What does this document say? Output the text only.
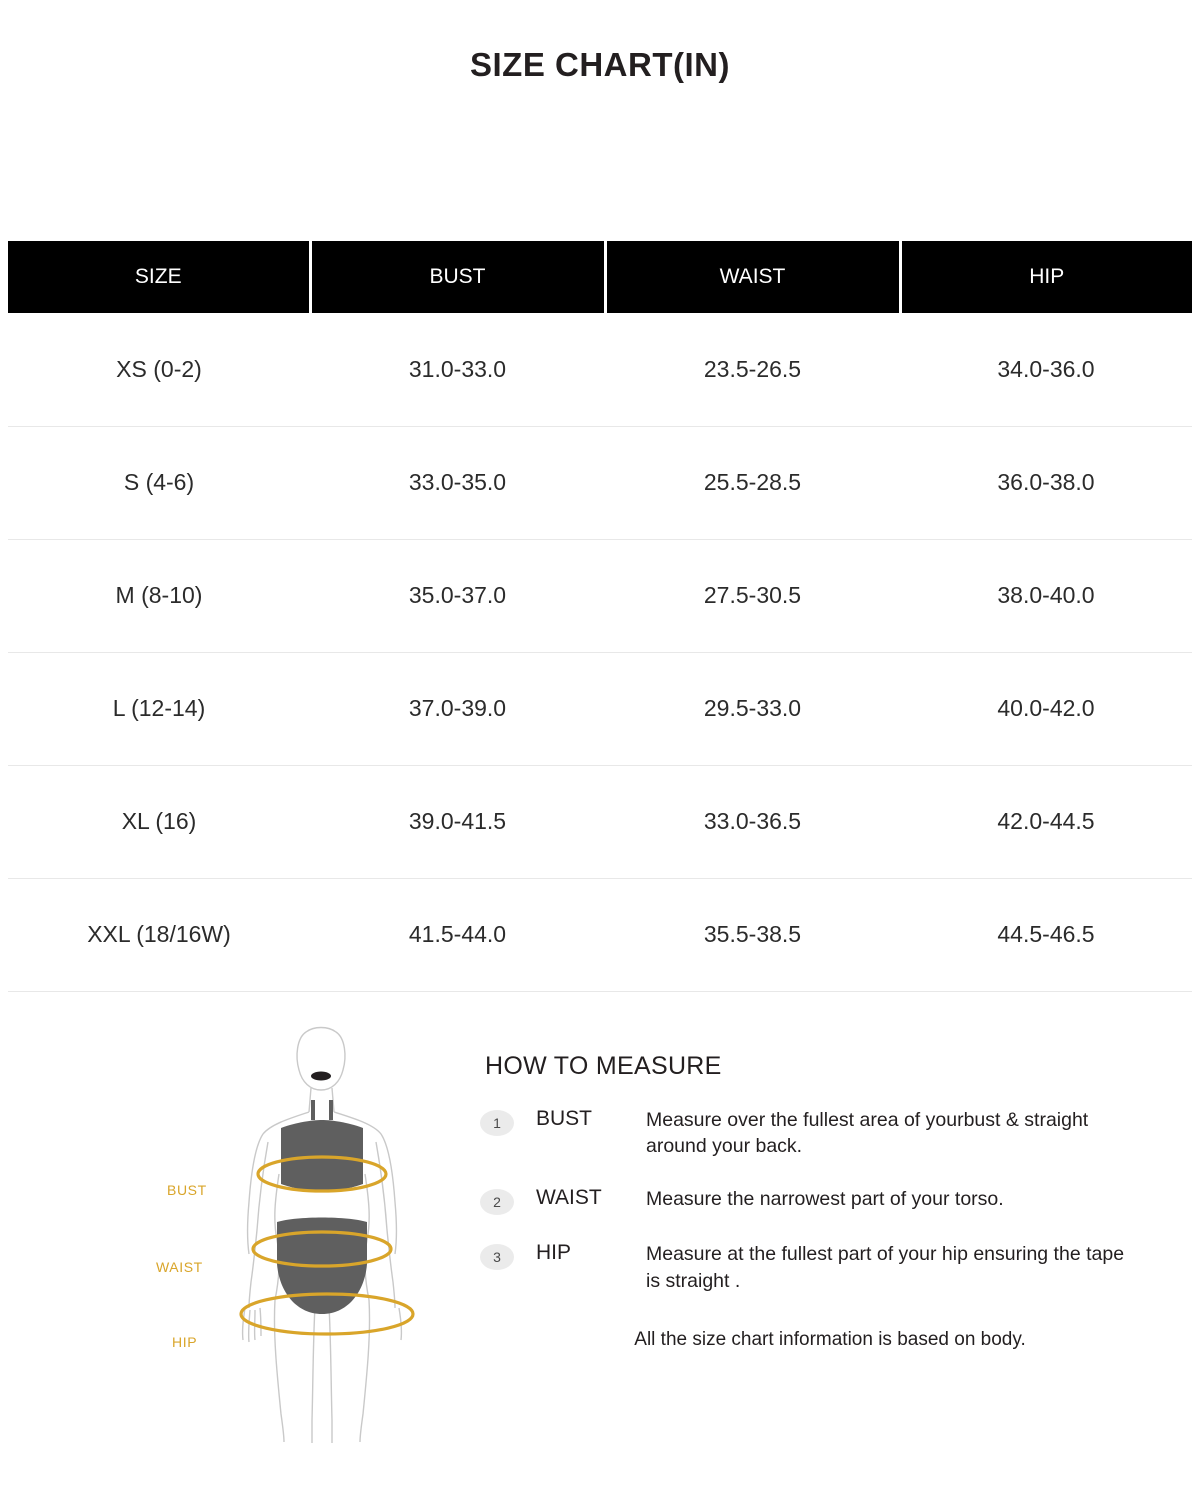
SIZE CHART(IN)
SIZE	BUST	WAIST	HIP
XS (0-2)	31.0-33.0	23.5-26.5	34.0-36.0
S (4-6)	33.0-35.0	25.5-28.5	36.0-38.0
M (8-10)	35.0-37.0	27.5-30.5	38.0-40.0
L (12-14)	37.0-39.0	29.5-33.0	40.0-42.0
XL (16)	39.0-41.5	33.0-36.5	42.0-44.5
XXL (18/16W)	41.5-44.0	35.5-38.5	44.5-46.5
BUST
WAIST
HIP
HOW TO MEASURE
1	BUST	Measure over the fullest area of yourbust & straight around your back.
2	WAIST	Measure the narrowest part of your torso.
3	HIP	Measure at the fullest part of your hip ensuring the tape is straight .
All the size chart information is based on body.
